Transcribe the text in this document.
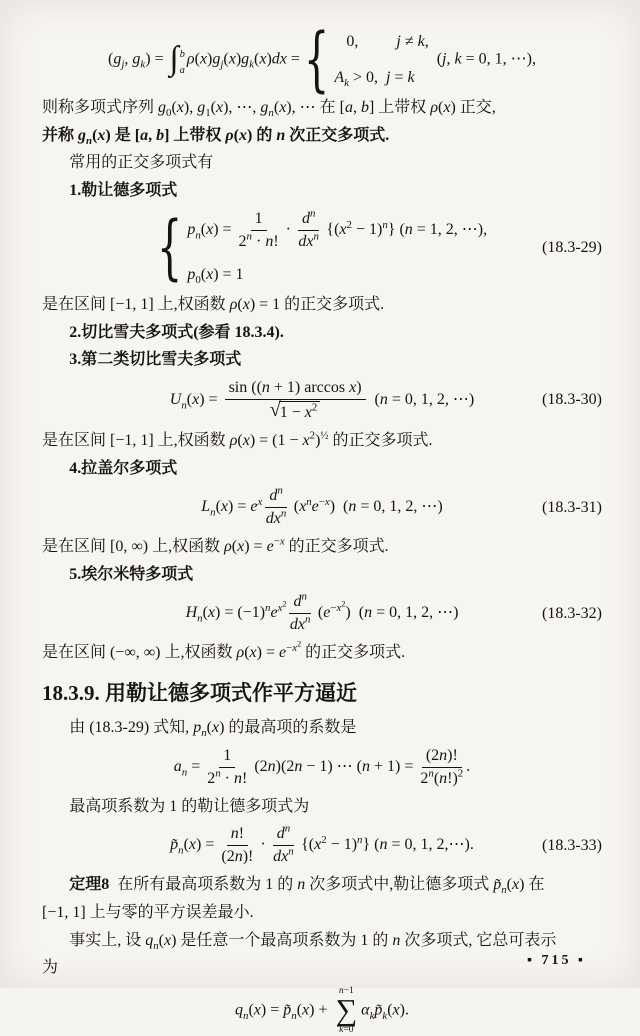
($g_j$, $g_k$) = ∫ b
a
$\rho(x)g_j(x)g_k(x)dx$ = {	0, j ≠ k,
$A_k > 0$,  j = k
(j, k = 0, 1, ⋯),

则称多项式序列 $g_0(x)$, $g_1(x)$, ⋯, $g_n(x)$, ⋯ 在 [a, b] 上带权 ρ(x) 正交,

并称 $g_n(x)$ 是 [a, b] 上带权 ρ(x) 的 n 次正交多项式.

常用的正交多项式有

1.勒让德多项式

{ $p_n(x) = \frac{1}{2^n \cdot n!}$ ·
$d^n$
$dx^n$ $\{(x^2 - 1)^n\} (n = 1$, 2, ⋯),
$p_0(x) = 1$
(18.3-29)

是在区间 [−1, 1] 上,权函数 ρ(x) = 1 的正交多项式.

2.切比雪夫多项式(参看 18.3.4).

3.第二类切比雪夫多项式

$U_n(x) = \frac{\text{sin ((n + 1) arccos x)}}{√ 1 - x^2} (n = 0$, 1, 2, ⋯)	(18.3-30)

是在区间 [−1, 1] 上,权函数 $\rho(x) = (1 - x^2)^{\frac{1}{2}}$ 的正交多项式.

4.拉盖尔多项式

$L_n(x) = e^x$ $d^n$
$dx^n$ $(x^ne^{-x}) (n = 0$, 1, 2, ⋯)	(18.3-31)

是在区间 [0, ∞) 上,权函数 $\rho(x) = e^{-x}$ 的正交多项式.

5.埃尔米特多项式

$H_n(x) = (-1)^ne^{x^2}$ $d^n$
$dx^n$ $(e^{-x^2}) (n = 0$, 1, 2, ⋯)	(18.3-32)

是在区间 (−∞, ∞) 上,权函数 $\rho(x) = e^{-x^2}$ 的正交多项式.

18.3.9. 用勒让德多项式作平方逼近

由 (18.3-29) 式知, $p_n(x)$ 的最高项的系数是

$a_n = \frac{1}{2^n \cdot n!} (2n)(2n - 1)$ ⋯ $(n + 1) = \frac{(2n)!}{2^n(n!)^2}$ .

最高项系数为 1 的勒让德多项式为

$p̃_n(x) = \frac{n!}{(2n)!}$ ·
$d^n$
$dx^n$ $\{(x^2 - 1)^n\} (n = 0$, 1, 2,⋯).	(18.3-33)

定理8  在所有最高项系数为 1 的 n 次多项式中,勒让德多项式 $p̃_n(x)$ 在

[−1, 1] 上与零的平方误差最小.

事实上, 设 $q_n(x)$ 是任意一个最高项系数为 1 的 n 次多项式, 它总可表示

为

$q_n(x)$ = $p̃_n(x)$ +
n−1
∑
k=0
$\alpha_kp̃_k(x)$.
▪ 715 ▪
